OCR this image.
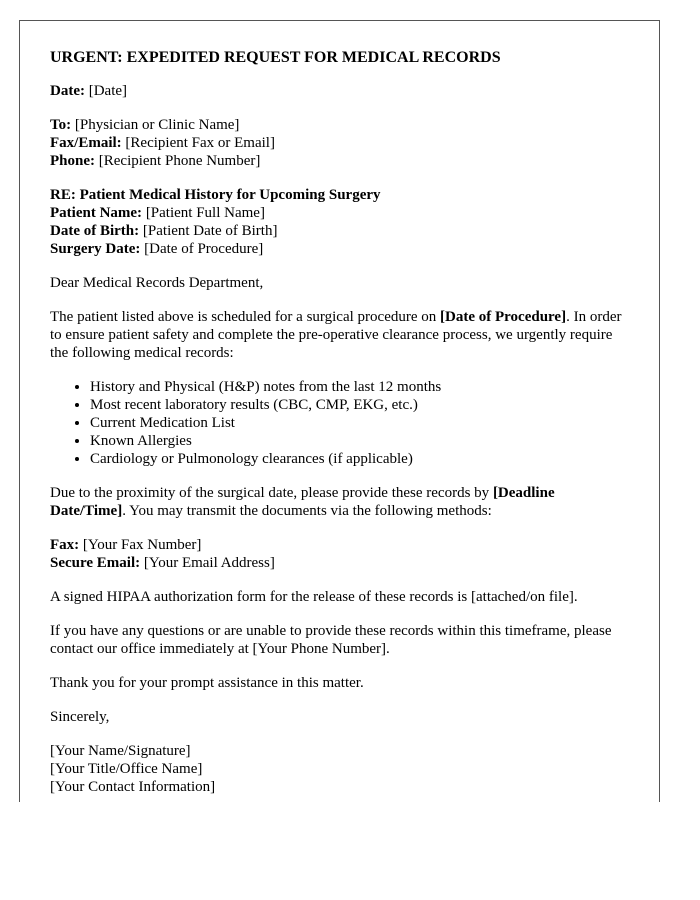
URGENT: EXPEDITED REQUEST FOR MEDICAL RECORDS
Date: [Date]
To: [Physician or Clinic Name]
Fax/Email: [Recipient Fax or Email]
Phone: [Recipient Phone Number]
RE: Patient Medical History for Upcoming Surgery
Patient Name: [Patient Full Name]
Date of Birth: [Patient Date of Birth]
Surgery Date: [Date of Procedure]

Dear Medical Records Department,

The patient listed above is scheduled for a surgical procedure on [Date of Procedure]. In order to ensure patient safety and complete the pre-operative clearance process, we urgently require the following medical records:

• History and Physical (H&P) notes from the last 12 months
• Most recent laboratory results (CBC, CMP, EKG, etc.)
• Current Medication List
• Known Allergies
• Cardiology or Pulmonology clearances (if applicable)

Due to the proximity of the surgical date, please provide these records by [Deadline Date/Time]. You may transmit the documents via the following methods:

Fax: [Your Fax Number]
Secure Email: [Your Email Address]

A signed HIPAA authorization form for the release of these records is [attached/on file].

If you have any questions or are unable to provide these records within this timeframe, please contact our office immediately at [Your Phone Number].

Thank you for your prompt assistance in this matter.

Sincerely,

[Your Name/Signature]
[Your Title/Office Name]
[Your Contact Information]
